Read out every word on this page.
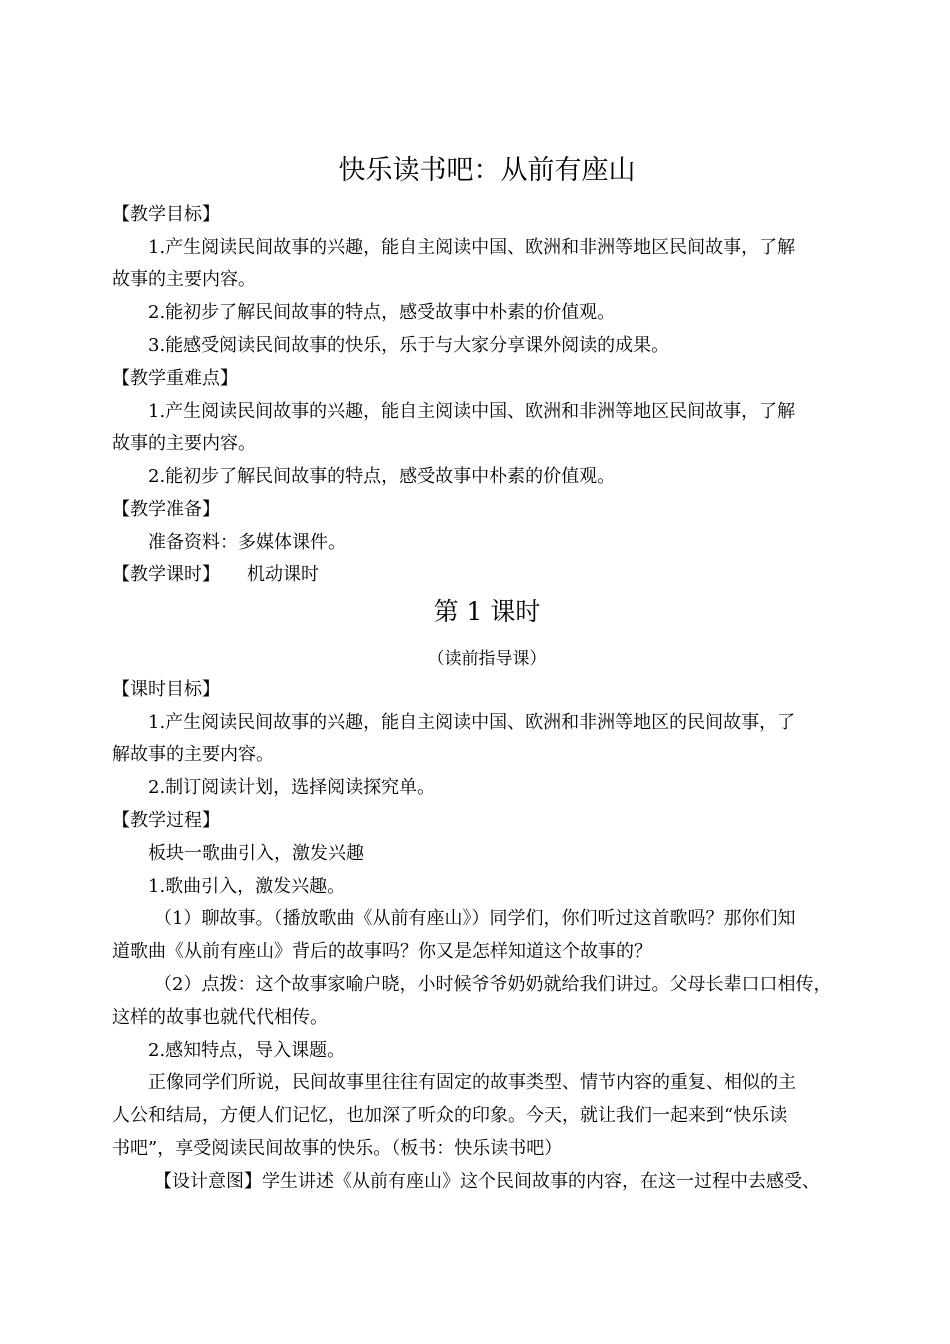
快乐读书吧：从前有座山
【教学目标】
1.产生阅读民间故事的兴趣，能自主阅读中国、欧洲和非洲等地区民间故事，了解
故事的主要内容。
2.能初步了解民间故事的特点，感受故事中朴素的价值观。
3.能感受阅读民间故事的快乐，乐于与大家分享课外阅读的成果。
【教学重难点】
1.产生阅读民间故事的兴趣，能自主阅读中国、欧洲和非洲等地区民间故事，了解
故事的主要内容。
2.能初步了解民间故事的特点，感受故事中朴素的价值观。
【教学准备】
准备资料：多媒体课件。
【教学课时】 机动课时
第 1 课时
（读前指导课）
【课时目标】
1.产生阅读民间故事的兴趣，能自主阅读中国、欧洲和非洲等地区的民间故事，了
解故事的主要内容。
2.制订阅读计划，选择阅读探究单。
【教学过程】
板块一歌曲引入，激发兴趣
1.歌曲引入，激发兴趣。
（1）聊故事。（播放歌曲《从前有座山》）同学们，你们听过这首歌吗？那你们知
道歌曲《从前有座山》背后的故事吗？你又是怎样知道这个故事的？
（2）点拨：这个故事家喻户晓，小时候爷爷奶奶就给我们讲过。父母长辈口口相传，
这样的故事也就代代相传。
2.感知特点，导入课题。
正像同学们所说，民间故事里往往有固定的故事类型、情节内容的重复、相似的主
人公和结局，方便人们记忆，也加深了听众的印象。今天，就让我们一起来到“快乐读
书吧”，享受阅读民间故事的快乐。（板书：快乐读书吧）
【设计意图】学生讲述《从前有座山》这个民间故事的内容，在这一过程中去感受、
